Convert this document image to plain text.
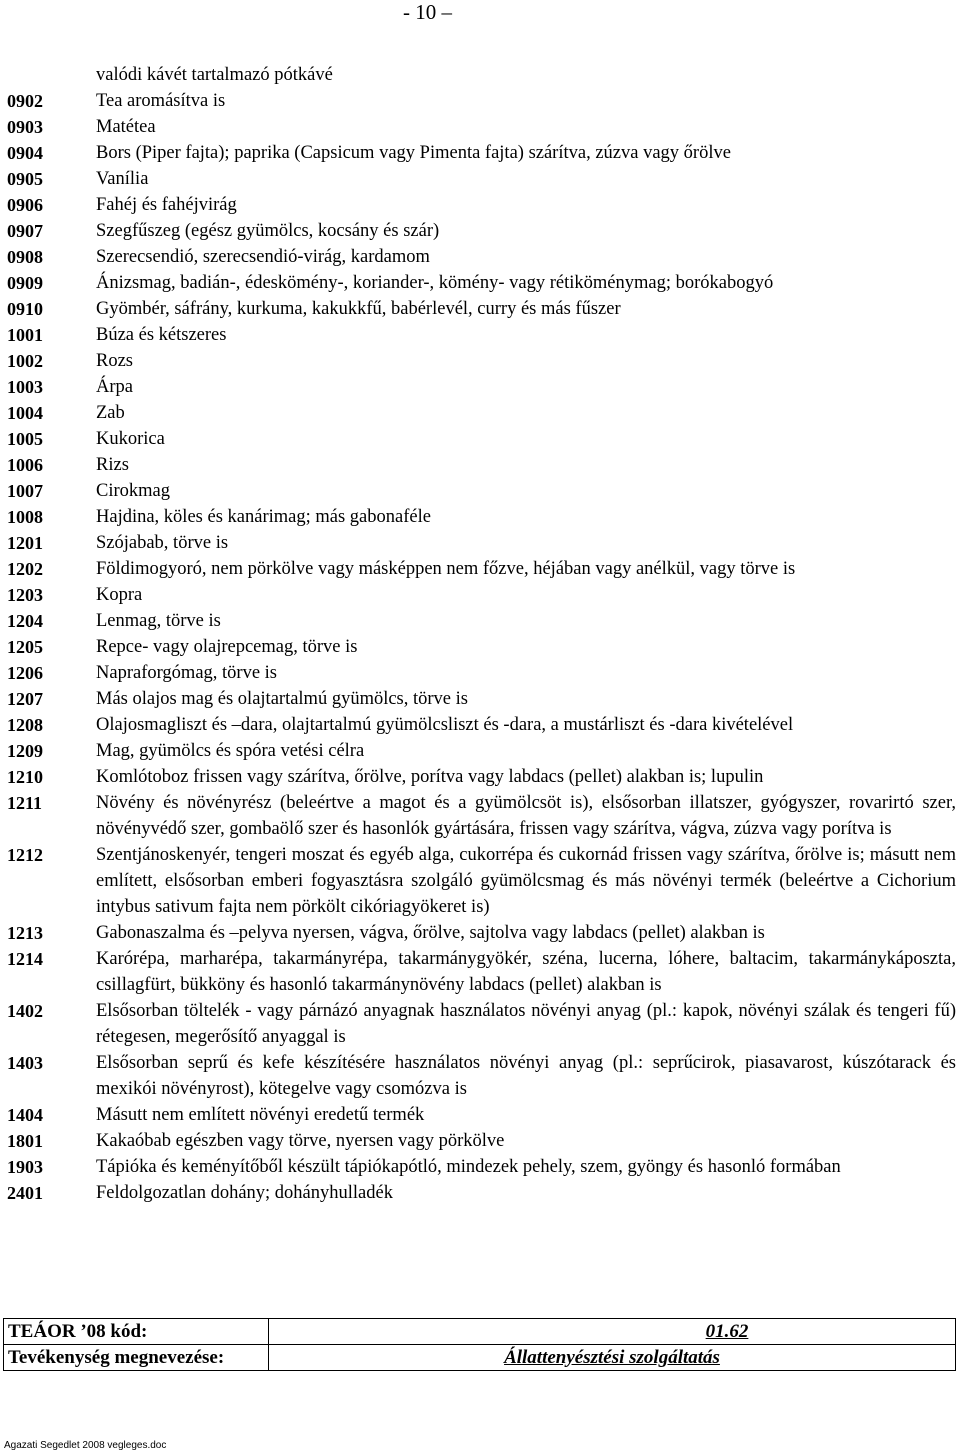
- 10 –
valódi kávét tartalmazó pótkávé
0902	Tea aromásítva is
0903	Matétea
0904	Bors (Piper fajta); paprika (Capsicum vagy Pimenta fajta) szárítva, zúzva vagy őrölve
0905	Vanília
0906	Fahéj és fahéjvirág
0907	Szegfűszeg (egész gyümölcs, kocsány és szár)
0908	Szerecsendió, szerecsendió-virág, kardamom
0909	Ánizsmag, badián-, édeskömény-, koriander-, kömény- vagy rétiköménymag; borókabogyó
0910	Gyömbér, sáfrány, kurkuma, kakukkfű, babérlevél, curry és más fűszer
1001	Búza és kétszeres
1002	Rozs
1003	Árpa
1004	Zab
1005	Kukorica
1006	Rizs
1007	Cirokmag
1008	Hajdina, köles és kanárimag; más gabonaféle
1201	Szójabab, törve is
1202	Földimogyoró, nem pörkölve vagy másképpen nem főzve, héjában vagy anélkül, vagy törve is
1203	Kopra
1204	Lenmag, törve is
1205	Repce- vagy olajrepcemag, törve is
1206	Napraforgómag, törve is
1207	Más olajos mag és olajtartalmú gyümölcs, törve is
1208	Olajosmagliszt és –dara, olajtartalmú gyümölcsliszt és -dara, a mustárliszt és -dara kivételével
1209	Mag, gyümölcs és spóra vetési célra
1210	Komlótoboz frissen vagy szárítva, őrölve, porítva vagy labdacs (pellet) alakban is; lupulin
1211	Növény és növényrész (beleértve a magot és a gyümölcsöt is), elsősorban illatszer, gyógyszer, rovarirtó szer, növényvédő szer, gombaölő szer és hasonlók gyártására, frissen vagy szárítva, vágva, zúzva vagy porítva is
1212	Szentjánoskenyér, tengeri moszat és egyéb alga, cukorrépa és cukornád frissen vagy szárítva, őrölve is; másutt nem említett, elsősorban emberi fogyasztásra szolgáló gyümölcsmag és más növényi termék (beleértve a Cichorium intybus sativum fajta nem pörkölt cikóriagyökeret is)
1213	Gabonaszalma és –pelyva nyersen, vágva, őrölve, sajtolva vagy labdacs (pellet) alakban is
1214	Karórépa, marharépa, takarmányrépa, takarmánygyökér, széna, lucerna, lóhere, baltacim, takarmánykáposzta, csillagfürt, bükköny és hasonló takarmánynövény labdacs (pellet) alakban is
1402	Elsősorban töltelék - vagy párnázó anyagnak használatos növényi anyag (pl.: kapok, növényi szálak és tengeri fű) rétegesen, megerősítő anyaggal is
1403	Elsősorban seprű és kefe készítésére használatos növényi anyag (pl.: seprűcirok, piasavarost, kúszótarack és mexikói növényrost), kötegelve vagy csomózva is
1404	Másutt nem említett növényi eredetű termék
1801	Kakaóbab egészben vagy törve, nyersen vagy pörkölve
1903	Tápióka és keményítőből készült tápiókapótló, mindezek pehely, szem, gyöngy és hasonló formában
2401	Feldolgozatlan dohány; dohányhulladék
TEÁOR ’08 kód:	01.62
Tevékenység megnevezése:	Állattenyésztési szolgáltatás
Agazati Segedlet 2008 vegleges.doc
